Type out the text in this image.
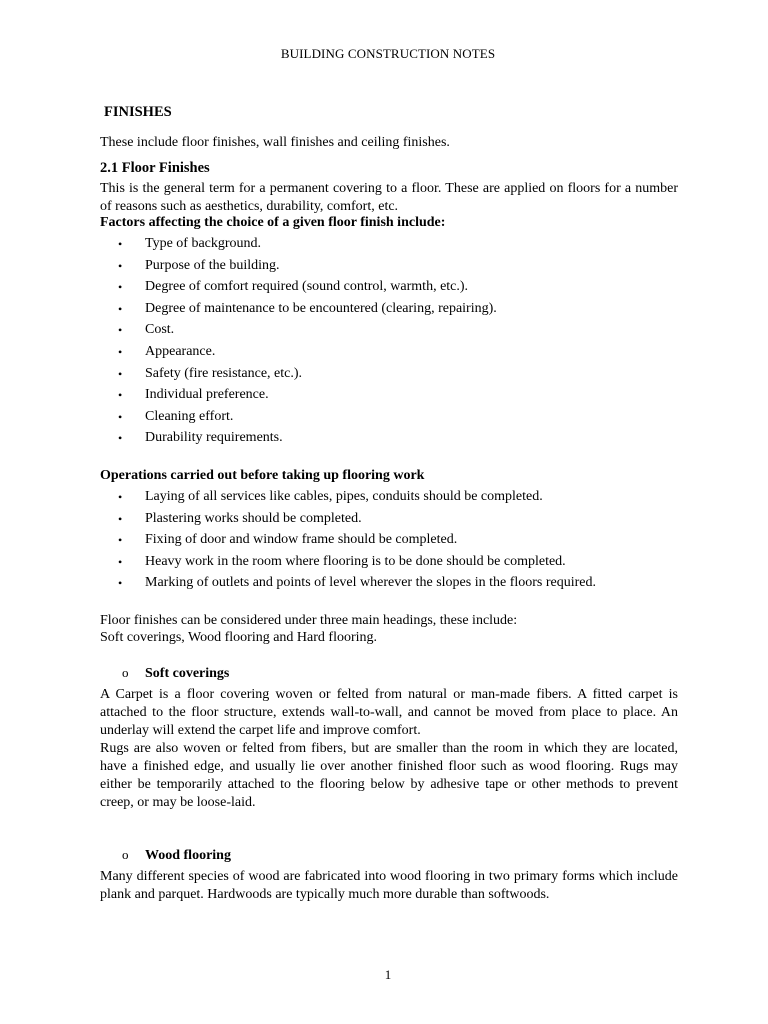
BUILDING CONSTRUCTION NOTES
FINISHES

These include floor finishes, wall finishes and ceiling finishes.

2.1 Floor Finishes

This is the general term for a permanent covering to a floor. These are applied on floors for a number of reasons such as aesthetics, durability, comfort, etc.

Factors affecting the choice of a given floor finish include:

• Type of background.
• Purpose of the building.
• Degree of comfort required (sound control, warmth, etc.).
• Degree of maintenance to be encountered (clearing, repairing).
• Cost.
• Appearance.
• Safety (fire resistance, etc.).
• Individual preference.
• Cleaning effort.
• Durability requirements.

Operations carried out before taking up flooring work

• Laying of all services like cables, pipes, conduits should be completed.
• Plastering works should be completed.
• Fixing of door and window frame should be completed.
• Heavy work in the room where flooring is to be done should be completed.
• Marking of outlets and points of level wherever the slopes in the floors required.

Floor finishes can be considered under three main headings, these include:

Soft coverings, Wood flooring and Hard flooring.

o Soft coverings

A Carpet is a floor covering woven or felted from natural or man-made fibers. A fitted carpet is attached to the floor structure, extends wall-to-wall, and cannot be moved from place to place. An underlay will extend the carpet life and improve comfort.

Rugs are also woven or felted from fibers, but are smaller than the room in which they are located, have a finished edge, and usually lie over another finished floor such as wood flooring. Rugs may either be temporarily attached to the flooring below by adhesive tape or other methods to prevent creep, or may be loose-laid.

o Wood flooring

Many different species of wood are fabricated into wood flooring in two primary forms which include plank and parquet. Hardwoods are typically much more durable than softwoods.

1
